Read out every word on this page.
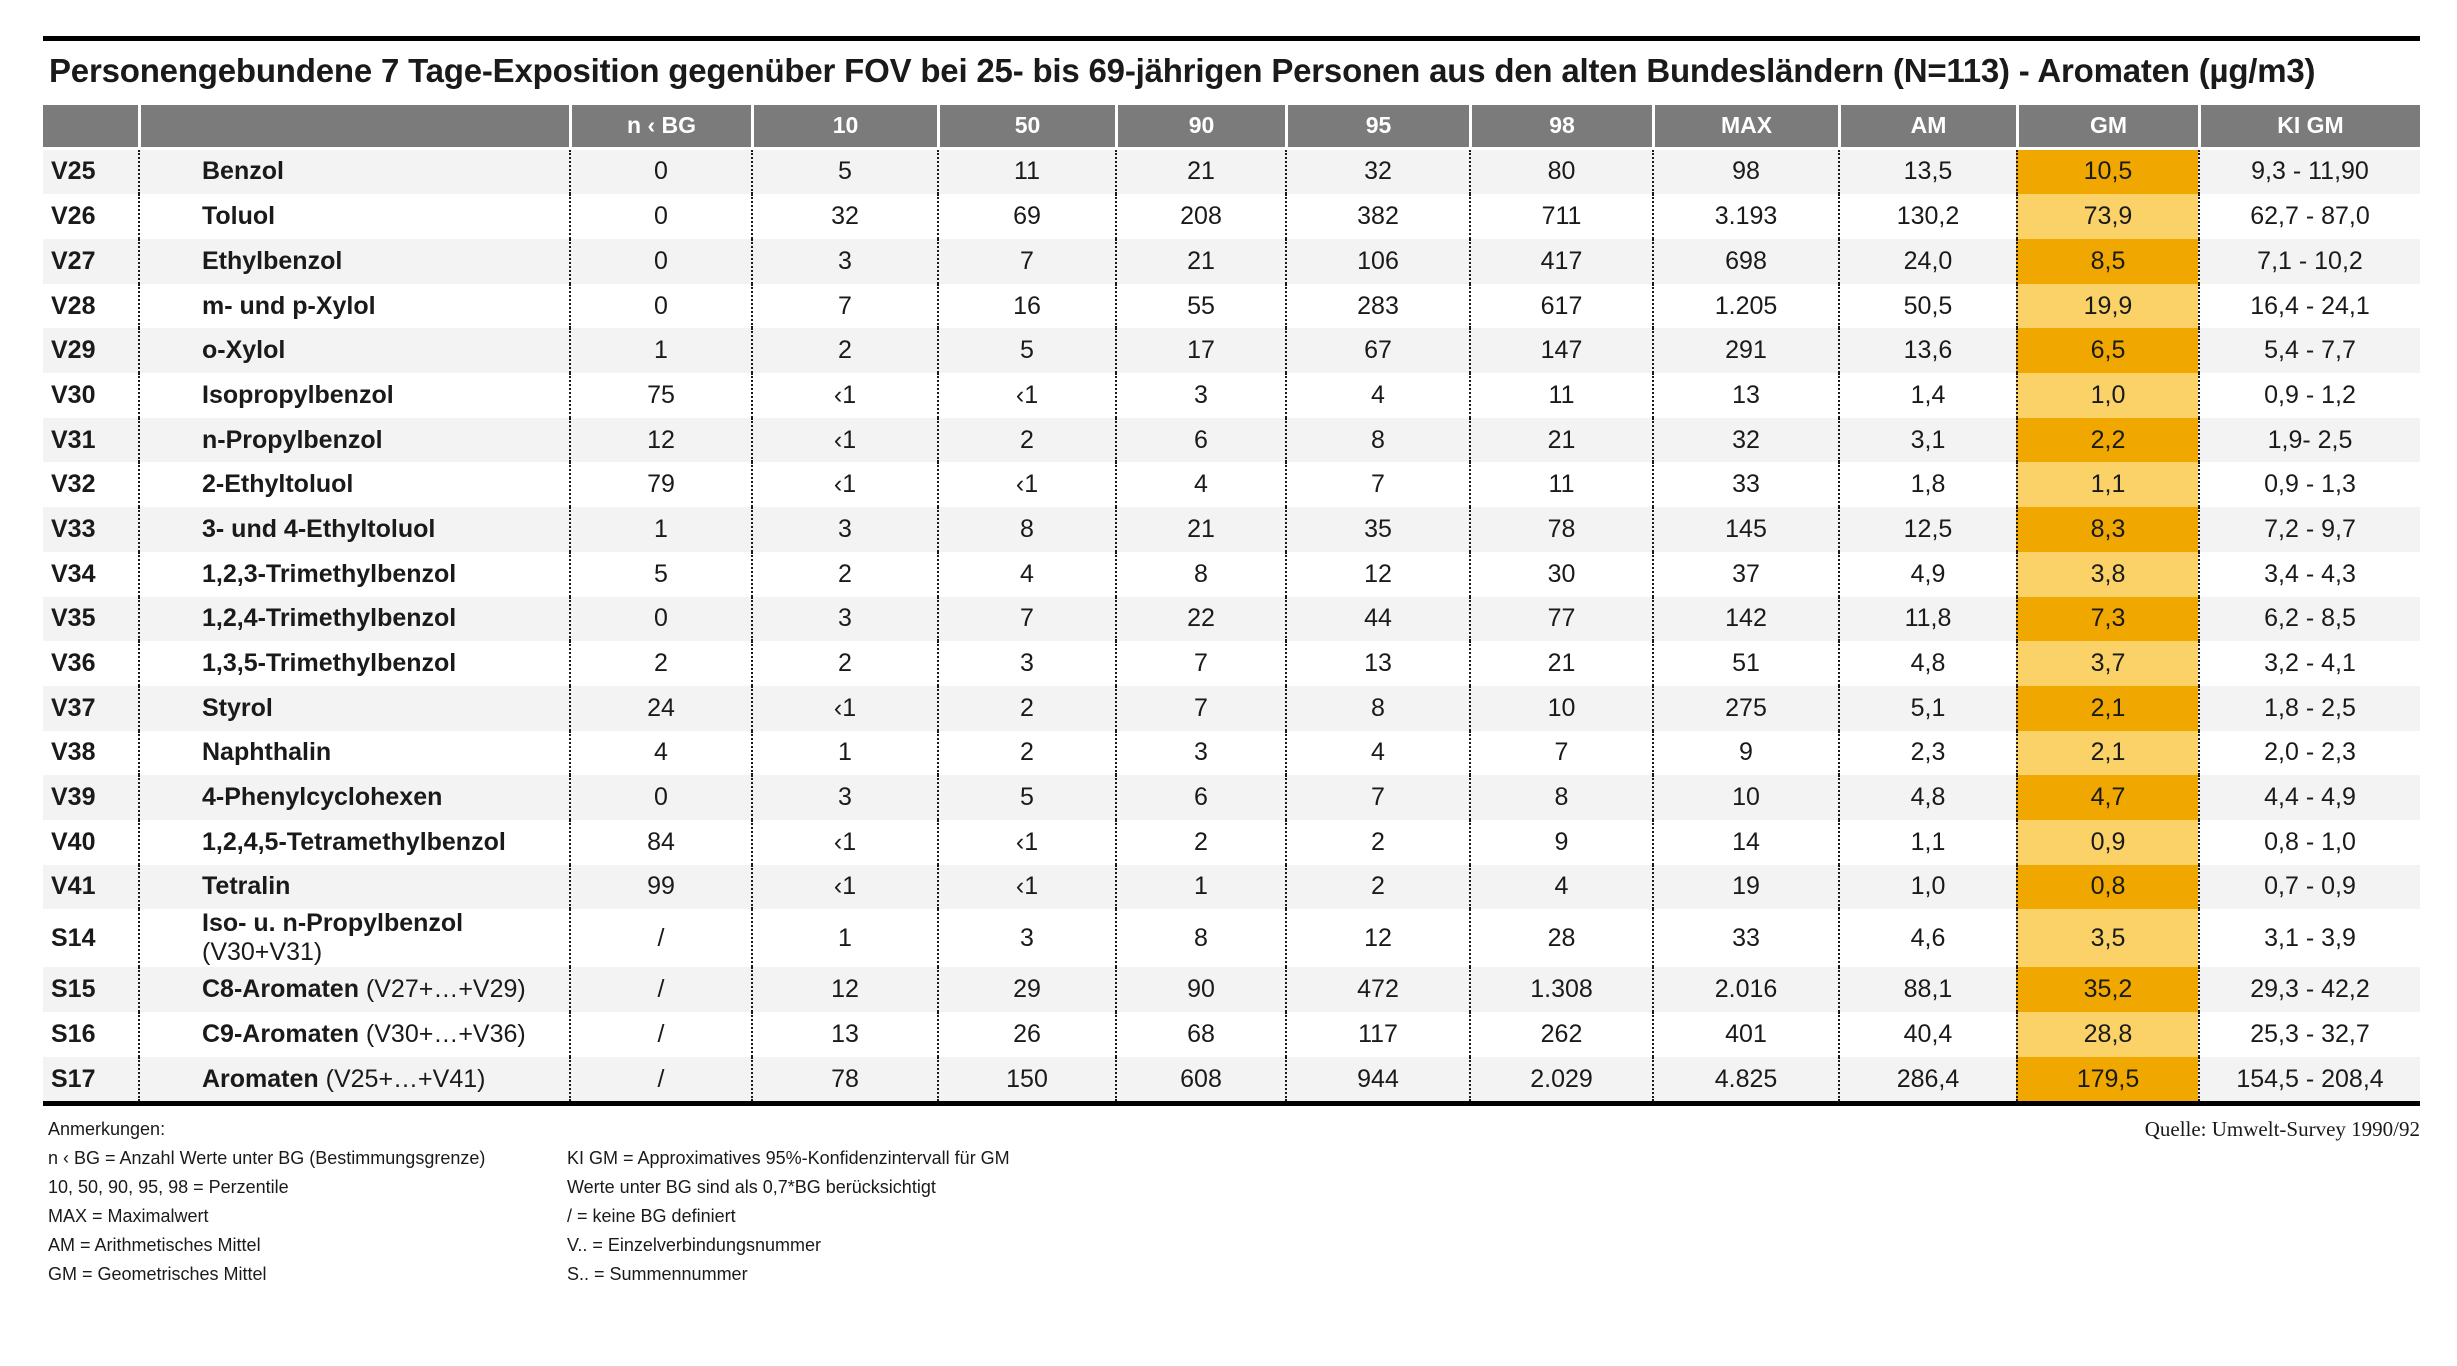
Personengebundene 7 Tage-Exposition gegenüber FOV bei 25- bis 69-jährigen Personen aus den alten Bundesländern (N=113) - Aromaten (µg/m3)
		n ‹ BG	10	50	90	95	98	MAX	AM	GM	KI GM
V25	Benzol	0	5	11	21	32	80	98	13,5	10,5	9,3 - 11,90
V26	Toluol	0	32	69	208	382	711	3.193	130,2	73,9	62,7 - 87,0
V27	Ethylbenzol	0	3	7	21	106	417	698	24,0	8,5	7,1 - 10,2
V28	m- und p-Xylol	0	7	16	55	283	617	1.205	50,5	19,9	16,4 - 24,1
V29	o-Xylol	1	2	5	17	67	147	291	13,6	6,5	5,4 - 7,7
V30	Isopropylbenzol	75	‹1	‹1	3	4	11	13	1,4	1,0	0,9 - 1,2
V31	n-Propylbenzol	12	‹1	2	6	8	21	32	3,1	2,2	1,9- 2,5
V32	2-Ethyltoluol	79	‹1	‹1	4	7	11	33	1,8	1,1	0,9 - 1,3
V33	3- und 4-Ethyltoluol	1	3	8	21	35	78	145	12,5	8,3	7,2 - 9,7
V34	1,2,3-Trimethylbenzol	5	2	4	8	12	30	37	4,9	3,8	3,4 - 4,3
V35	1,2,4-Trimethylbenzol	0	3	7	22	44	77	142	11,8	7,3	6,2 - 8,5
V36	1,3,5-Trimethylbenzol	2	2	3	7	13	21	51	4,8	3,7	3,2 - 4,1
V37	Styrol	24	‹1	2	7	8	10	275	5,1	2,1	1,8 - 2,5
V38	Naphthalin	4	1	2	3	4	7	9	2,3	2,1	2,0 - 2,3
V39	4-Phenylcyclohexen	0	3	5	6	7	8	10	4,8	4,7	4,4 - 4,9
V40	1,2,4,5-Tetramethylbenzol	84	‹1	‹1	2	2	9	14	1,1	0,9	0,8 - 1,0
V41	Tetralin	99	‹1	‹1	1	2	4	19	1,0	0,8	0,7 - 0,9
S14	Iso- u. n-Propylbenzol (V30+V31)	/	1	3	8	12	28	33	4,6	3,5	3,1 - 3,9
S15	C8-Aromaten (V27+…+V29)	/	12	29	90	472	1.308	2.016	88,1	35,2	29,3 - 42,2
S16	C9-Aromaten (V30+…+V36)	/	13	26	68	117	262	401	40,4	28,8	25,3 - 32,7
S17	Aromaten (V25+…+V41)	/	78	150	608	944	2.029	4.825	286,4	179,5	154,5 - 208,4
Anmerkungen:	Quelle: Umwelt-Survey 1990/92
n ‹ BG = Anzahl Werte unter BG (Bestimmungsgrenze)
10, 50, 90, 95, 98 = Perzentile
MAX = Maximalwert
AM = Arithmetisches Mittel
GM = Geometrisches Mittel
KI GM = Approximatives 95%-Konfidenzintervall für GM
Werte unter BG sind als 0,7*BG berücksichtigt
/ = keine BG definiert
V.. = Einzelverbindungsnummer
S.. = Summennummer
